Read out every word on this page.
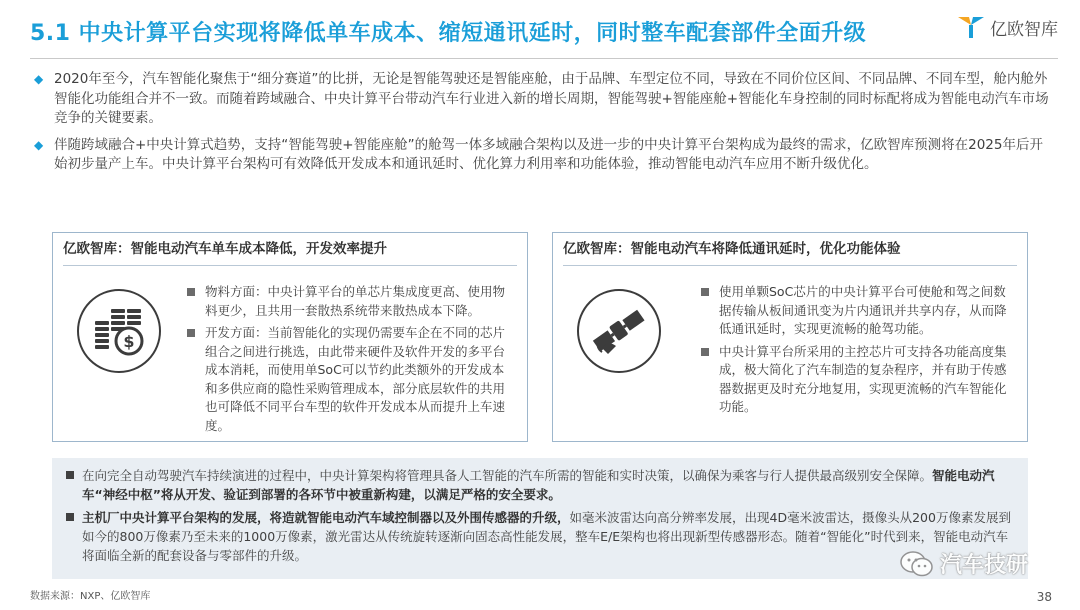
5.1 中央计算平台实现将降低单车成本、缩短通讯延时，同时整车配套部件全面升级	亿欧智库
◆ 2020年至今，汽车智能化聚焦于“细分赛道”的比拼，无论是智能驾驶还是智能座舱，由于品牌、车型定位不同，导致在不同价位区间、不同品牌、不同车型，舱内舱外智能化功能组合并不一致。而随着跨域融合、中央计算平台带动汽车行业进入新的增长周期，智能驾驶+智能座舱+智能化车身控制的同时标配将成为智能电动汽车市场竞争的关键要素。
◆ 伴随跨域融合+中央计算式趋势，支持“智能驾驶+智能座舱”的舱驾一体多域融合架构以及进一步的中央计算平台架构成为最终的需求，亿欧智库预测将在2025年后开始初步量产上车。中央计算平台架构可有效降低开发成本和通讯延时、优化算力利用率和功能体验，推动智能电动汽车应用不断升级优化。
亿欧智库：智能电动汽车单车成本降低，开发效率提升
$
物料方面：中央计算平台的单芯片集成度更高、使用物料更少，且共用一套散热系统带来散热成本下降。
开发方面：当前智能化的实现仍需要车企在不同的芯片组合之间进行挑选，由此带来硬件及软件开发的多平台成本消耗，而使用单SoC可以节约此类额外的开发成本和多供应商的隐性采购管理成本，部分底层软件的共用也可降低不同平台车型的软件开发成本从而提升上车速度。
亿欧智库：智能电动汽车将降低通讯延时，优化功能体验
使用单颗SoC芯片的中央计算平台可使舱和驾之间数据传输从板间通讯变为片内通讯并共享内存，从而降低通讯延时，实现更流畅的舱驾功能。
中央计算平台所采用的主控芯片可支持各功能高度集成，极大简化了汽车制造的复杂程序，并有助于传感器数据更及时充分地复用，实现更流畅的汽车智能化功能。
在向完全自动驾驶汽车持续演进的过程中，中央计算架构将管理具备人工智能的汽车所需的智能和实时决策，以确保为乘客与行人提供最高级别安全保障。智能电动汽车“神经中枢”将从开发、验证到部署的各环节中被重新构建，以满足严格的安全要求。
主机厂中央计算平台架构的发展，将造就智能电动汽车域控制器以及外围传感器的升级，如毫米波雷达向高分辨率发展，出现4D毫米波雷达，摄像头从200万像素发展到如今的800万像素乃至未来的1000万像素，激光雷达从传统旋转逐渐向固态高性能发展，整车E/E架构也将出现新型传感器形态。随着“智能化”时代到来，智能电动汽车将面临全新的配套设备与零部件的升级。	汽车技研
数据来源：NXP、亿欧智库	38
